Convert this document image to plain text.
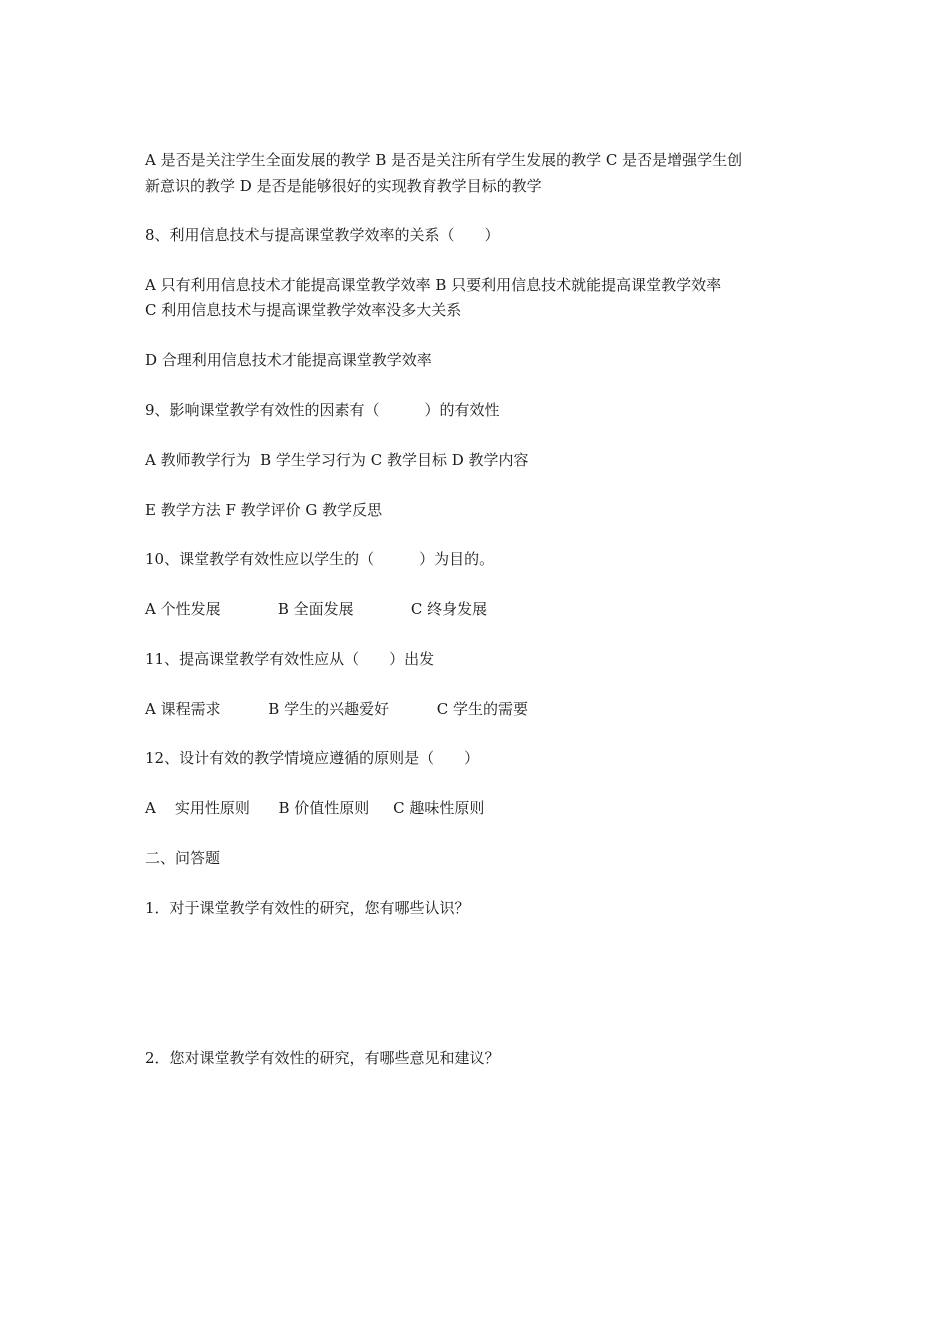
A 是否是关注学生全面发展的教学 B 是否是关注所有学生发展的教学 C 是否是增强学生创
新意识的教学 D 是否是能够很好的实现教育教学目标的教学
8、利用信息技术与提高课堂教学效率的关系（　　）
A 只有利用信息技术才能提高课堂教学效率 B 只要利用信息技术就能提高课堂教学效率
C 利用信息技术与提高课堂教学效率没多大关系
D 合理利用信息技术才能提高课堂教学效率
9、影响课堂教学有效性的因素有（　　　）的有效性
A 教师教学行为  B 学生学习行为 C 教学目标 D 教学内容
E 教学方法 F 教学评价 G 教学反思
10、课堂教学有效性应以学生的（　　　）为目的。
A 个性发展            B 全面发展            C 终身发展
11、提高课堂教学有效性应从（　　）出发
A 课程需求          B 学生的兴趣爱好          C 学生的需要
12、设计有效的教学情境应遵循的原则是（　　）
A    实用性原则      B 价值性原则     C 趣味性原则
二、问答题
1．对于课堂教学有效性的研究，您有哪些认识？
2．您对课堂教学有效性的研究，有哪些意见和建议？
